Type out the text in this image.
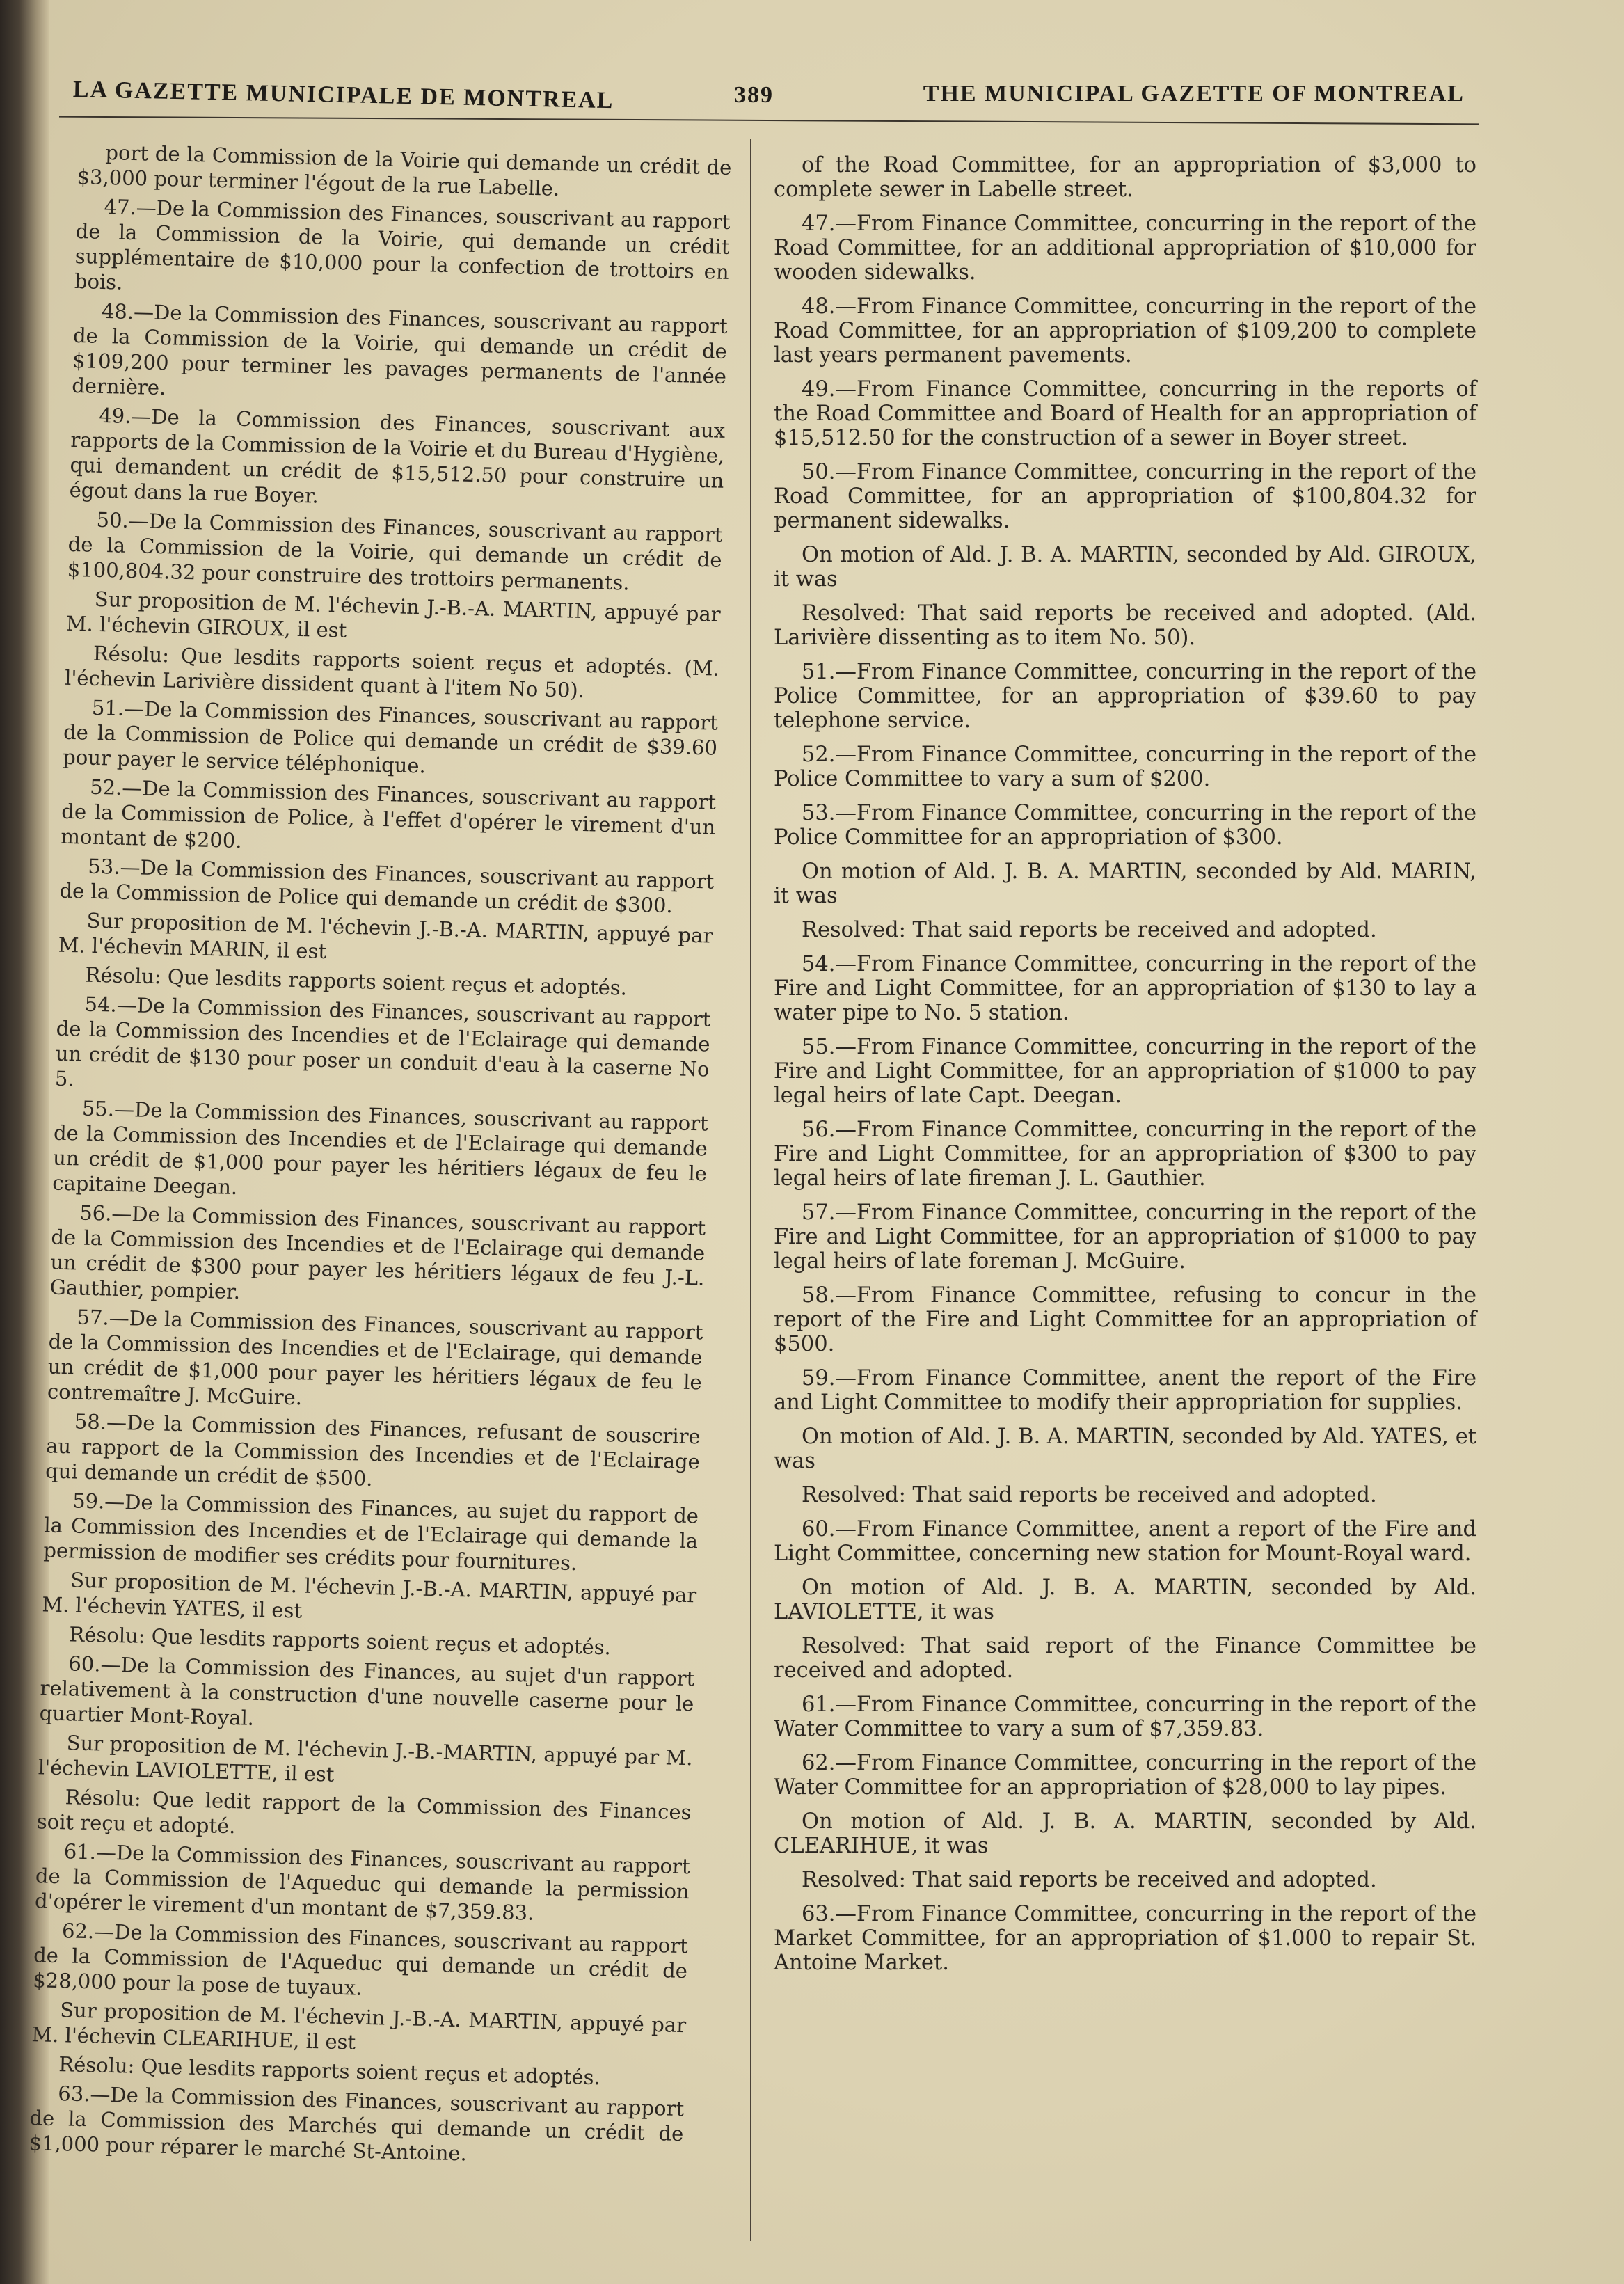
LA GAZETTE MUNICIPALE DE MONTREAL	389	THE MUNICIPAL GAZETTE OF MONTREAL

port de la Commission de la Voirie qui demande un crédit de $3,000 pour terminer l'égout de la rue Labelle.

47.—De la Commission des Finances, souscrivant au rapport de la Commission de la Voirie, qui demande un crédit supplémentaire de $10,000 pour la confection de trottoirs en bois.

48.—De la Commission des Finances, souscrivant au rapport de la Commission de la Voirie, qui demande un crédit de $109,200 pour terminer les pavages permanents de l'année dernière.

49.—De la Commission des Finances, souscrivant aux rapports de la Commission de la Voirie et du Bureau d'Hygiène, qui demandent un crédit de $15,512.50 pour construire un égout dans la rue Boyer.

50.—De la Commission des Finances, souscrivant au rapport de la Commission de la Voirie, qui demande un crédit de $100,804.32 pour construire des trottoirs permanents.

Sur proposition de M. l'échevin J.-B.-A. MARTIN, appuyé par M. l'échevin GIROUX, il est

Résolu: Que lesdits rapports soient reçus et adoptés. (M. l'échevin Larivière dissident quant à l'item No 50).

51.—De la Commission des Finances, souscrivant au rapport de la Commission de Police qui demande un crédit de $39.60 pour payer le service téléphonique.

52.—De la Commission des Finances, souscrivant au rapport de la Commission de Police, à l'effet d'opérer le virement d'un montant de $200.

53.—De la Commission des Finances, souscrivant au rapport de la Commission de Police qui demande un crédit de $300.

Sur proposition de M. l'échevin J.-B.-A. MARTIN, appuyé par M. l'échevin MARIN, il est

Résolu: Que lesdits rapports soient reçus et adoptés.

54.—De la Commission des Finances, souscrivant au rapport de la Commission des Incendies et de l'Eclairage qui demande un crédit de $130 pour poser un conduit d'eau à la caserne No 5.

55.—De la Commission des Finances, souscrivant au rapport de la Commission des Incendies et de l'Eclairage qui demande un crédit de $1,000 pour payer les héritiers légaux de feu le capitaine Deegan.

56.—De la Commission des Finances, souscrivant au rapport de la Commission des Incendies et de l'Eclairage qui demande un crédit de $300 pour payer les héritiers légaux de feu J.-L. Gauthier, pompier.

57.—De la Commission des Finances, souscrivant au rapport de la Commission des Incendies et de l'Eclairage, qui demande un crédit de $1,000 pour payer les héritiers légaux de feu le contremaître J. McGuire.

58.—De la Commission des Finances, refusant de souscrire au rapport de la Commission des Incendies et de l'Eclairage qui demande un crédit de $500.

59.—De la Commission des Finances, au sujet du rapport de la Commission des Incendies et de l'Eclairage qui demande la permission de modifier ses crédits pour fournitures.

Sur proposition de M. l'échevin J.-B.-A. MARTIN, appuyé par M. l'échevin YATES, il est

Résolu: Que lesdits rapports soient reçus et adoptés.

60.—De la Commission des Finances, au sujet d'un rapport relativement à la construction d'une nouvelle caserne pour le quartier Mont-Royal.

Sur proposition de M. l'échevin J.-B.-MARTIN, appuyé par M. l'échevin LAVIOLETTE, il est

Résolu: Que ledit rapport de la Commission des Finances soit reçu et adopté.

61.—De la Commission des Finances, souscrivant au rapport de la Commission de l'Aqueduc qui demande la permission d'opérer le virement d'un montant de $7,359.83.

62.—De la Commission des Finances, souscrivant au rapport de la Commission de l'Aqueduc qui demande un crédit de $28,000 pour la pose de tuyaux.

Sur proposition de M. l'échevin J.-B.-A. MARTIN, appuyé par M. l'échevin CLEARIHUE, il est

Résolu: Que lesdits rapports soient reçus et adoptés.

63.—De la Commission des Finances, souscrivant au rapport de la Commission des Marchés qui demande un crédit de $1,000 pour réparer le marché St-Antoine.

of the Road Committee, for an appropriation of $3,000 to complete sewer in Labelle street.

47.—From Finance Committee, concurring in the report of the Road Committee, for an additional appropriation of $10,000 for wooden sidewalks.

48.—From Finance Committee, concurring in the report of the Road Committee, for an appropriation of $109,200 to complete last years permanent pavements.

49.—From Finance Committee, concurring in the reports of the Road Committee and Board of Health for an appropriation of $15,512.50 for the construction of a sewer in Boyer street.

50.—From Finance Committee, concurring in the report of the Road Committee, for an appropriation of $100,804.32 for permanent sidewalks.

On motion of Ald. J. B. A. MARTIN, seconded by Ald. GIROUX, it was

Resolved: That said reports be received and adopted. (Ald. Larivière dissenting as to item No. 50).

51.—From Finance Committee, concurring in the report of the Police Committee, for an appropriation of $39.60 to pay telephone service.

52.—From Finance Committee, concurring in the report of the Police Committee to vary a sum of $200.

53.—From Finance Committee, concurring in the report of the Police Committee for an appropriation of $300.

On motion of Ald. J. B. A. MARTIN, seconded by Ald. MARIN, it was

Resolved: That said reports be received and adopted.

54.—From Finance Committee, concurring in the report of the Fire and Light Committee, for an appropriation of $130 to lay a water pipe to No. 5 station.

55.—From Finance Committee, concurring in the report of the Fire and Light Committee, for an appropriation of $1000 to pay legal heirs of late Capt. Deegan.

56.—From Finance Committee, concurring in the report of the Fire and Light Committee, for an appropriation of $300 to pay legal heirs of late fireman J. L. Gauthier.

57.—From Finance Committee, concurring in the report of the Fire and Light Committee, for an appropriation of $1000 to pay legal heirs of late foreman J. McGuire.

58.—From Finance Committee, refusing to concur in the report of the Fire and Light Committee for an appropriation of $500.

59.—From Finance Committee, anent the report of the Fire and Light Committee to modify their appropriation for supplies.

On motion of Ald. J. B. A. MARTIN, seconded by Ald. YATES, et was

Resolved: That said reports be received and adopted.

60.—From Finance Committee, anent a report of the Fire and Light Committee, concerning new station for Mount-Royal ward.

On motion of Ald. J. B. A. MARTIN, seconded by Ald. LAVIOLETTE, it was

Resolved: That said report of the Finance Committee be received and adopted.

61.—From Finance Committee, concurring in the report of the Water Committee to vary a sum of $7,359.83.

62.—From Finance Committee, concurring in the report of the Water Committee for an appropriation of $28,000 to lay pipes.

On motion of Ald. J. B. A. MARTIN, seconded by Ald. CLEARIHUE, it was

Resolved: That said reports be received and adopted.

63.—From Finance Committee, concurring in the report of the Market Committee, for an appropriation of $1.000 to repair St. Antoine Market.
